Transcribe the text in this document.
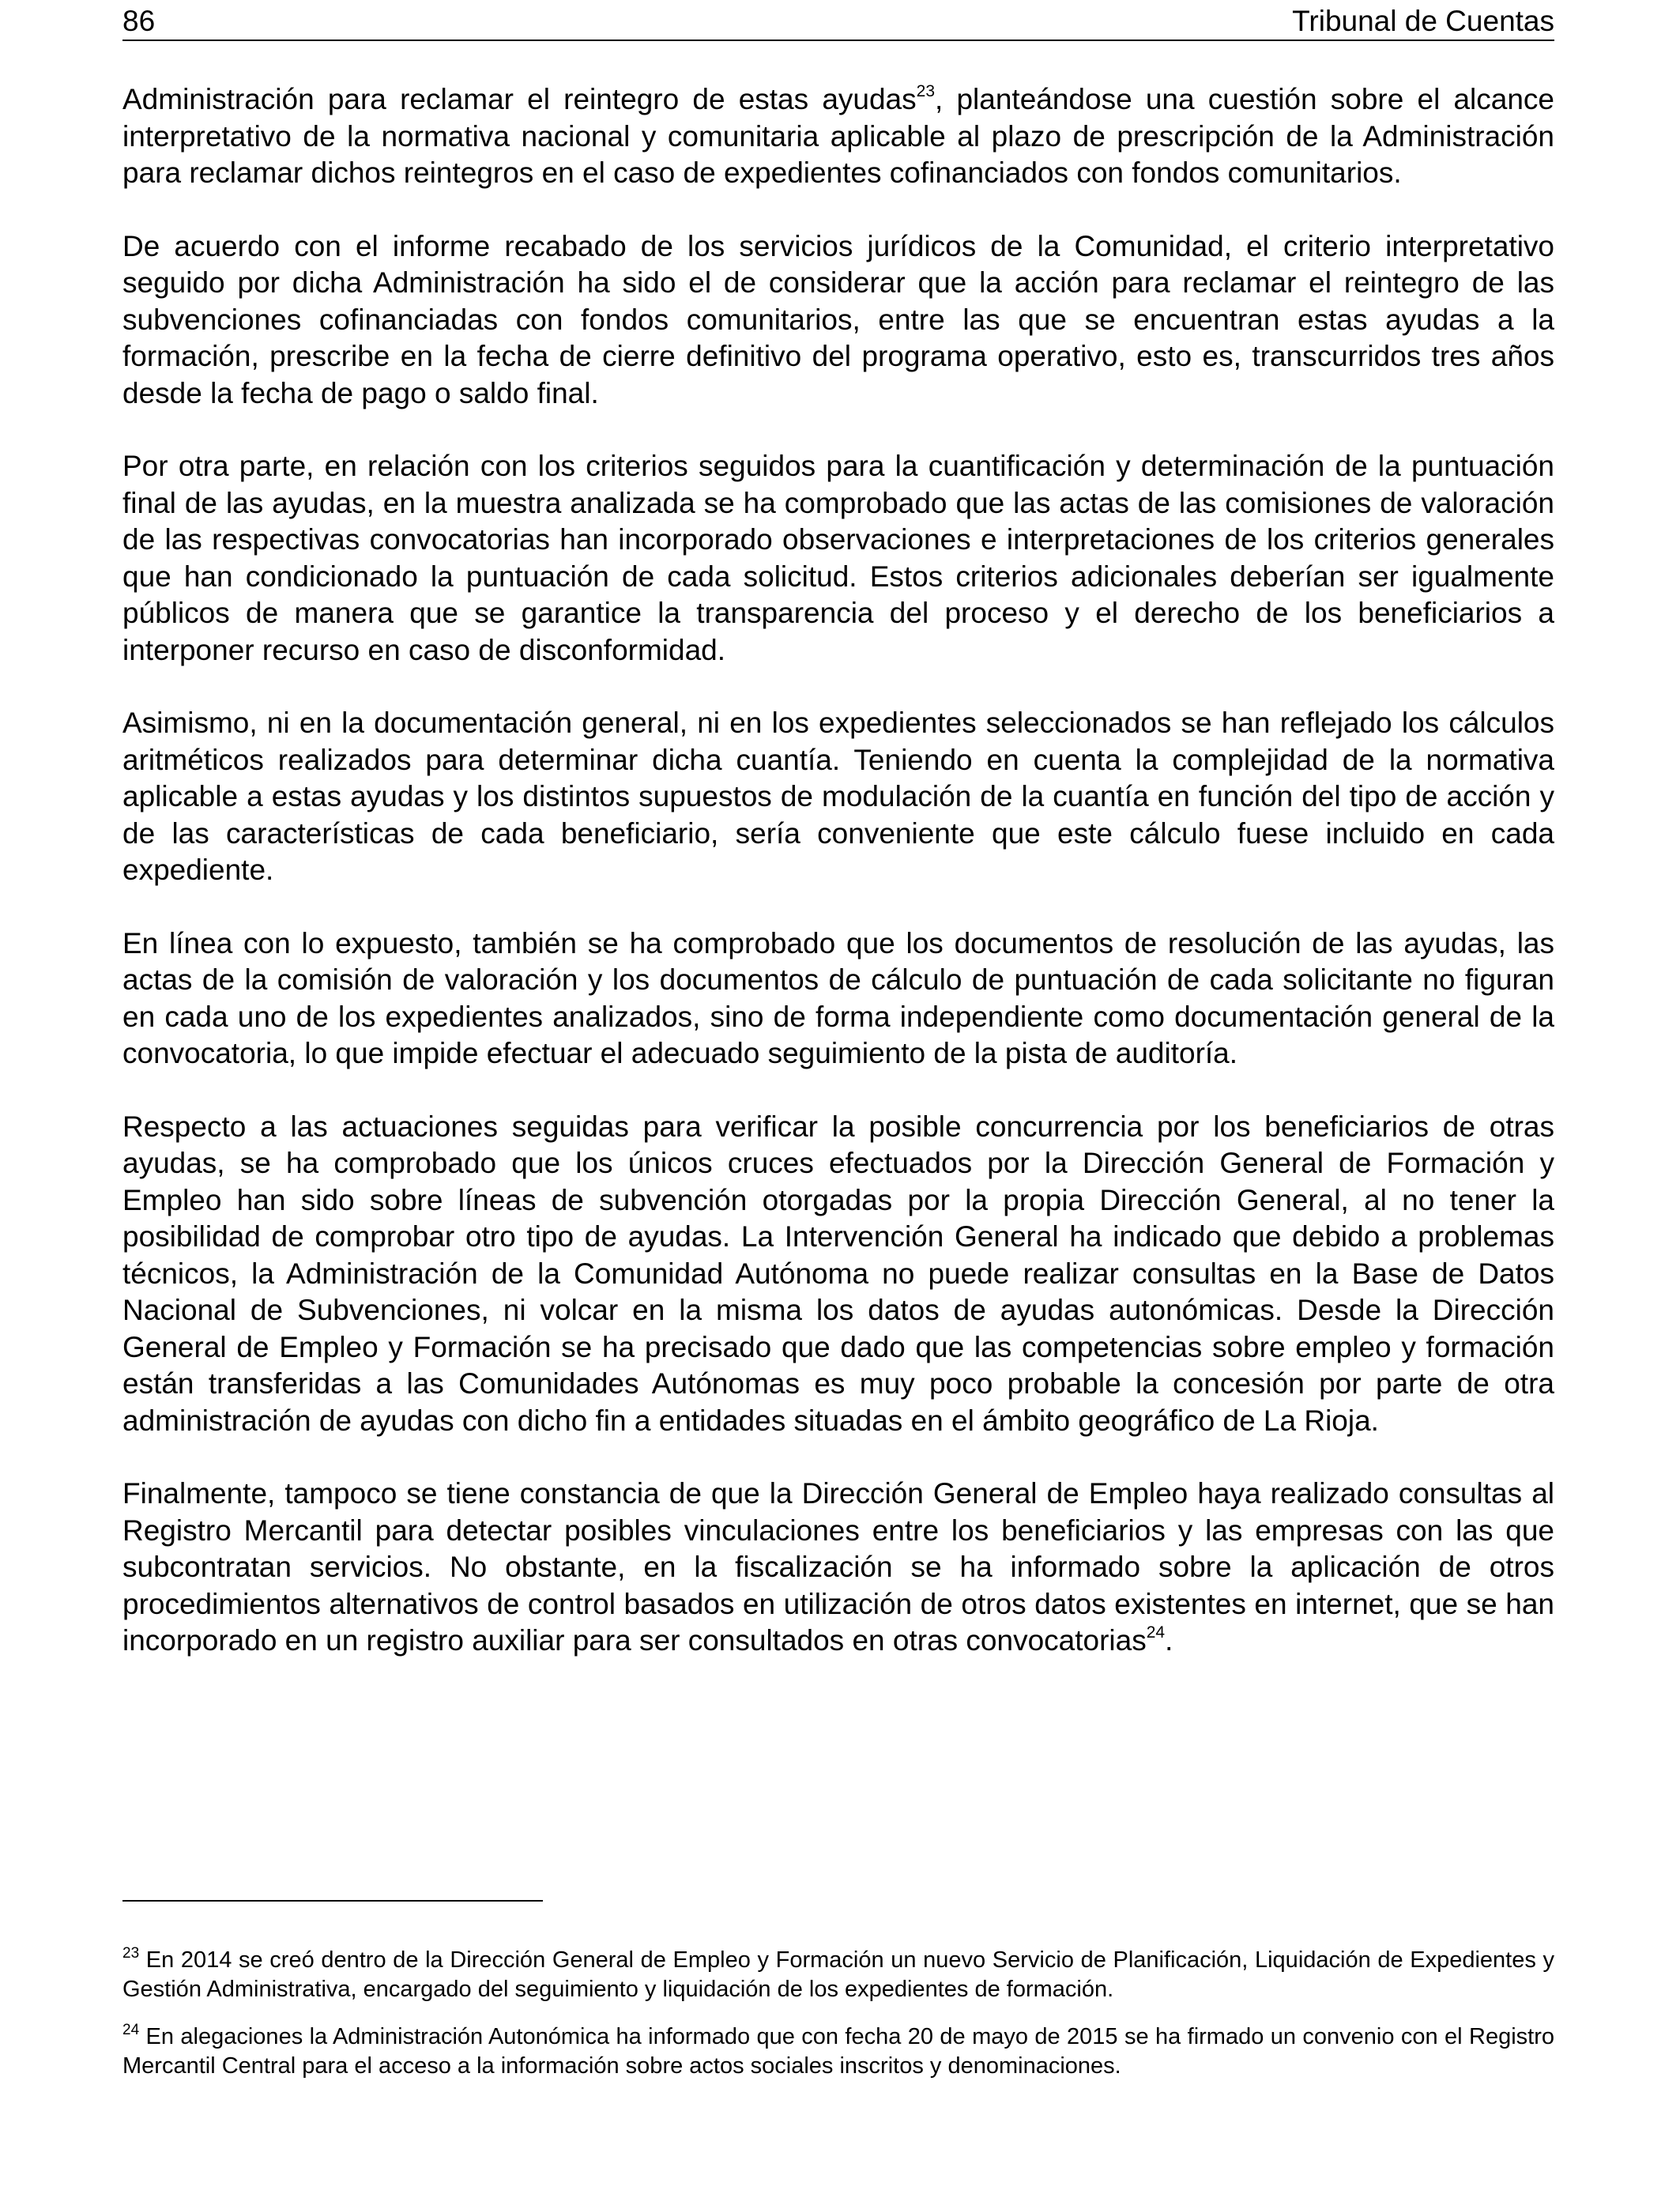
86	Tribunal de Cuentas

Administración para reclamar el reintegro de estas ayudas$^{23}$, planteándose una cuestión sobre el alcance interpretativo de la normativa nacional y comunitaria aplicable al plazo de prescripción de la Administración para reclamar dichos reintegros en el caso de expedientes cofinanciados con fondos comunitarios.

De acuerdo con el informe recabado de los servicios jurídicos de la Comunidad, el criterio interpretativo seguido por dicha Administración ha sido el de considerar que la acción para reclamar el reintegro de las subvenciones cofinanciadas con fondos comunitarios, entre las que se encuentran estas ayudas a la formación, prescribe en la fecha de cierre definitivo del programa operativo, esto es, transcurridos tres años desde la fecha de pago o saldo final.

Por otra parte, en relación con los criterios seguidos para la cuantificación y determinación de la puntuación final de las ayudas, en la muestra analizada se ha comprobado que las actas de las comisiones de valoración de las respectivas convocatorias han incorporado observaciones e interpretaciones de los criterios generales que han condicionado la puntuación de cada solicitud. Estos criterios adicionales deberían ser igualmente públicos de manera que se garantice la transparencia del proceso y el derecho de los beneficiarios a interponer recurso en caso de disconformidad.

Asimismo, ni en la documentación general, ni en los expedientes seleccionados se han reflejado los cálculos aritméticos realizados para determinar dicha cuantía. Teniendo en cuenta la complejidad de la normativa aplicable a estas ayudas y los distintos supuestos de modulación de la cuantía en función del tipo de acción y de las características de cada beneficiario, sería conveniente que este cálculo fuese incluido en cada expediente.

En línea con lo expuesto, también se ha comprobado que los documentos de resolución de las ayudas, las actas de la comisión de valoración y los documentos de cálculo de puntuación de cada solicitante no figuran en cada uno de los expedientes analizados, sino de forma independiente como documentación general de la convocatoria, lo que impide efectuar el adecuado seguimiento de la pista de auditoría.

Respecto a las actuaciones seguidas para verificar la posible concurrencia por los beneficiarios de otras ayudas, se ha comprobado que los únicos cruces efectuados por la Dirección General de Formación y Empleo han sido sobre líneas de subvención otorgadas por la propia Dirección General, al no tener la posibilidad de comprobar otro tipo de ayudas. La Intervención General ha indicado que debido a problemas técnicos, la Administración de la Comunidad Autónoma no puede realizar consultas en la Base de Datos Nacional de Subvenciones, ni volcar en la misma los datos de ayudas autonómicas. Desde la Dirección General de Empleo y Formación se ha precisado que dado que las competencias sobre empleo y formación están transferidas a las Comunidades Autónomas es muy poco probable la concesión por parte de otra administración de ayudas con dicho fin a entidades situadas en el ámbito geográfico de La Rioja.

Finalmente, tampoco se tiene constancia de que la Dirección General de Empleo haya realizado consultas al Registro Mercantil para detectar posibles vinculaciones entre los beneficiarios y las empresas con las que subcontratan servicios. No obstante, en la fiscalización se ha informado sobre la aplicación de otros procedimientos alternativos de control basados en utilización de otros datos existentes en internet, que se han incorporado en un registro auxiliar para ser consultados en otras convocatorias$^{24}$.

$^{23}$ En 2014 se creó dentro de la Dirección General de Empleo y Formación un nuevo Servicio de Planificación, Liquidación de Expedientes y Gestión Administrativa, encargado del seguimiento y liquidación de los expedientes de formación.

$^{24}$ En alegaciones la Administración Autonómica ha informado que con fecha 20 de mayo de 2015 se ha firmado un convenio con el Registro Mercantil Central para el acceso a la información sobre actos sociales inscritos y denominaciones.
